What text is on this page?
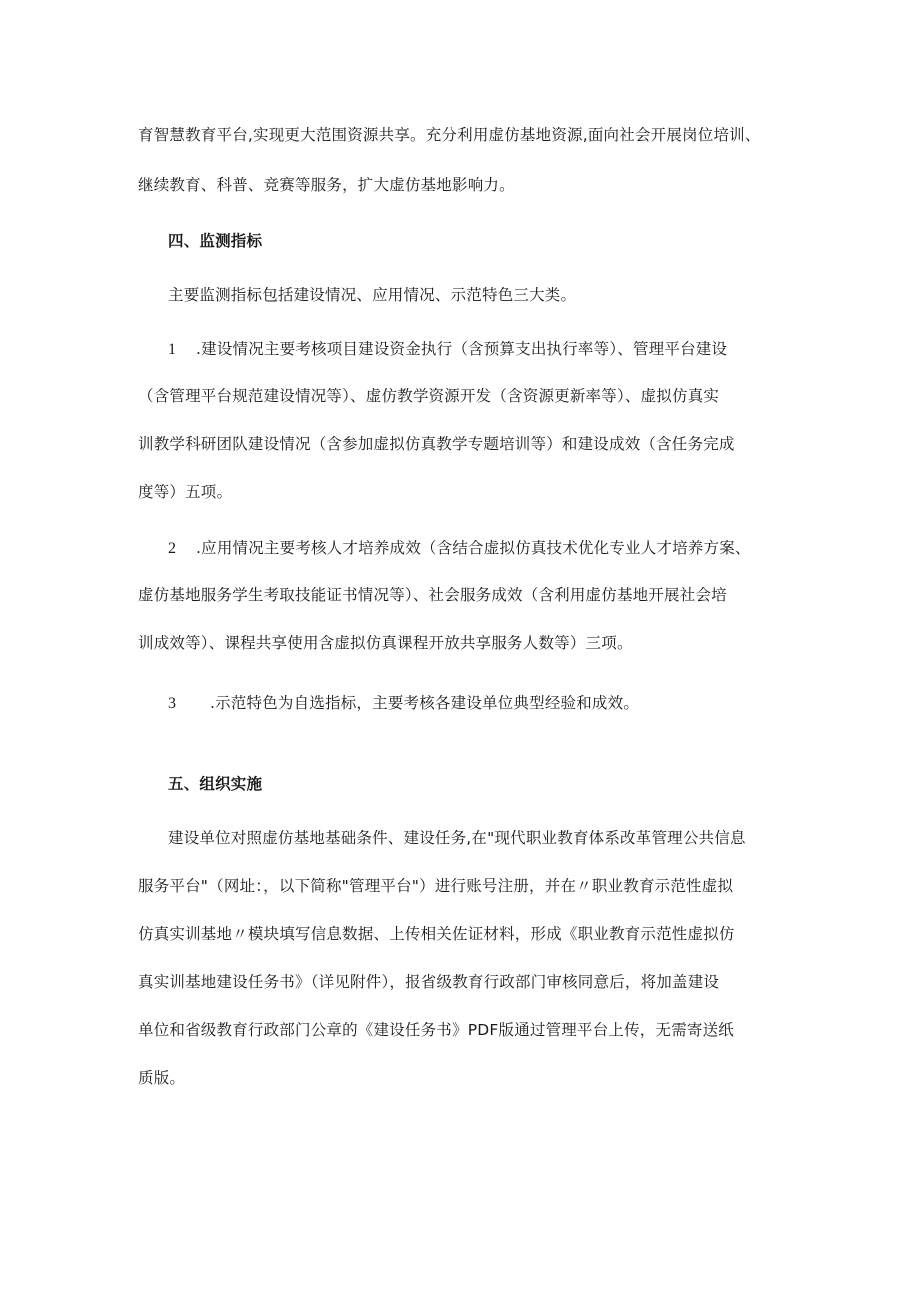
育智慧教育平台,实现更大范围资源共享。充分利用虚仿基地资源,面向社会开展岗位培训、
继续教育、科普、竞赛等服务，扩大虚仿基地影响力。
四、监测指标
主要监测指标包括建设情况、应用情况、示范特色三大类。
1 .建设情况主要考核项目建设资金执行（含预算支出执行率等）、管理平台建设
（含管理平台规范建设情况等）、虚仿教学资源开发（含资源更新率等）、虚拟仿真实
训教学科研团队建设情况（含参加虚拟仿真教学专题培训等）和建设成效（含任务完成
度等）五项。
2 .应用情况主要考核人才培养成效（含结合虚拟仿真技术优化专业人才培养方案、
虚仿基地服务学生考取技能证书情况等）、社会服务成效（含利用虚仿基地开展社会培
训成效等）、课程共享使用含虚拟仿真课程开放共享服务人数等）三项。
3 .示范特色为自选指标，主要考核各建设单位典型经验和成效。
五、组织实施
建设单位对照虚仿基地基础条件、建设任务,在"现代职业教育体系改革管理公共信息
服务平台"（网址：，以下简称"管理平台"）进行账号注册，并在〃职业教育示范性虚拟
仿真实训基地〃模块填写信息数据、上传相关佐证材料，形成《职业教育示范性虚拟仿
真实训基地建设任务书》（详见附件），报省级教育行政部门审核同意后，将加盖建设
单位和省级教育行政部门公章的《建设任务书》PDF版通过管理平台上传，无需寄送纸
质版。
